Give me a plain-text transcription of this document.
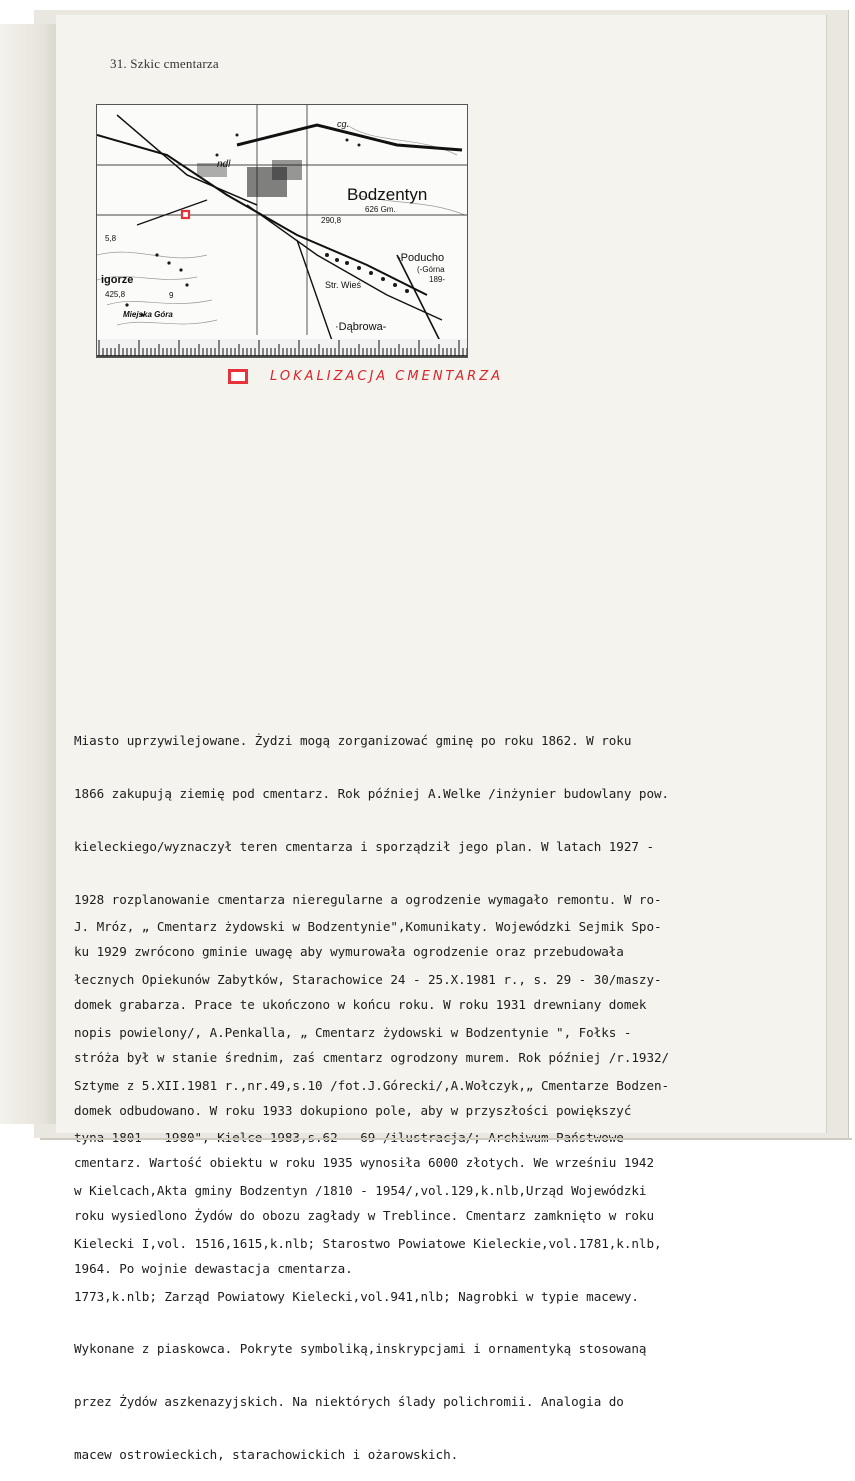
31. Szkic cmentarza
Bodzentyn
626 Gm.
cg.
ndl
290,8
-Poducho
(-Górna
189-
Str. Wieś
·Dąbrowa-
igorze
425,8
5,8
9
Miejska Góra
LOKALIZACJA CMENTARZA

Miasto uprzywilejowane. Żydzi mogą zorganizować gminę po roku 1862. W roku

1866 zakupują ziemię pod cmentarz. Rok później A.Welke /inżynier budowlany pow.

kieleckiego/wyznaczył teren cmentarza i sporządził jego plan. W latach 1927 -

1928 rozplanowanie cmentarza nieregularne a ogrodzenie wymagało remontu. W ro-

ku 1929 zwrócono gminie uwagę aby wymurowała ogrodzenie oraz przebudowała

domek grabarza. Prace te ukończono w końcu roku. W roku 1931 drewniany domek

stróża był w stanie średnim, zaś cmentarz ogrodzony murem. Rok później /r.1932/

domek odbudowano. W roku 1933 dokupiono pole, aby w przyszłości powiększyć

cmentarz. Wartość obiektu w roku 1935 wynosiła 6000 złotych. We wrześniu 1942

roku wysiedlono Żydów do obozu zagłady w Treblince. Cmentarz zamknięto w roku

1964. Po wojnie dewastacja cmentarza.

J. Mróz, „ Cmentarz żydowski w Bodzentynie",Komunikaty. Wojewódzki Sejmik Spo-

łecznych Opiekunów Zabytków, Starachowice 24 - 25.X.1981 r., s. 29 - 30/maszy-

nopis powielony/, A.Penkalla, „ Cmentarz żydowski w Bodzentynie ", Fołks -

Sztyme z 5.XII.1981 r.,nr.49,s.10 /fot.J.Górecki/,A.Wołczyk,„ Cmentarze Bodzen-

w Kielcach,Akta gminy Bodzentyn /1810 - 1954/,vol.129,k.nlb,Urząd Wojewódzki

Kielecki I,vol. 1516,1615,k.nlb; Starostwo Powiatowe Kieleckie,vol.1781,k.nlb,

1773,k.nlb; Zarząd Powiatowy Kielecki,vol.941,nlb; Nagrobki w typie macewy.

Wykonane z piaskowca. Pokryte symboliką,inskrypcjami i ornamentyką stosowaną

przez Żydów aszkenazyjskich. Na niektórych ślady polichromii. Analogia do

macew ostrowieckich, starachowickich i ożarowskich.
